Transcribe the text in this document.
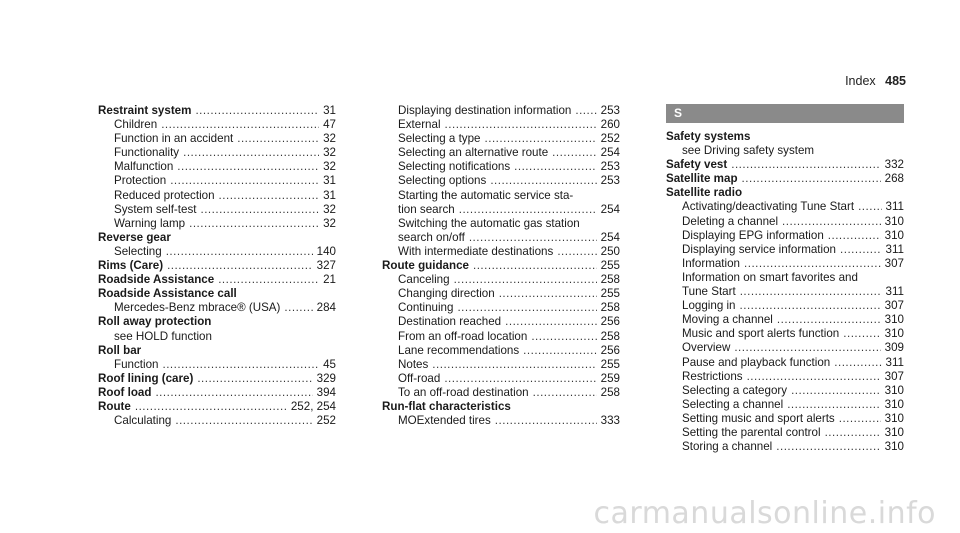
Index 485
Restraint system .....	31
Children .....	47
Function in an accident .....	32
Functionality .....	32
Malfunction .....	32
Protection .....	31
Reduced protection .....	31
System self-test .....	32
Warning lamp .....	32
Reverse gear
Selecting .....	140
Rims (Care) .....	327
Roadside Assistance .....	21
Roadside Assistance call
Mercedes-Benz mbrace® (USA) .....	284
Roll away protection
see HOLD function
Roll bar
Function .....	45
Roof lining (care) .....	329
Roof load .....	394
Route .....	252, 254
Calculating .....	252
Displaying destination information .....	253
External .....	260
Selecting a type .....	252
Selecting an alternative route .....	254
Selecting notifications .....	253
Selecting options .....	253
Starting the automatic service sta-
tion search .....	254
Switching the automatic gas station
search on/off .....	254
With intermediate destinations .....	250
Route guidance .....	255
Canceling .....	258
Changing direction .....	255
Continuing .....	258
Destination reached .....	256
From an off-road location .....	258
Lane recommendations .....	256
Notes .....	255
Off-road .....	259
To an off-road destination .....	258
Run-flat characteristics
MOExtended tires .....	333
S
Safety systems
see Driving safety system
Safety vest .....	332
Satellite map .....	268
Satellite radio
Activating/deactivating Tune Start .....	311
Deleting a channel .....	310
Displaying EPG information .....	310
Displaying service information .....	311
Information .....	307
Information on smart favorites and
Tune Start .....	311
Logging in .....	307
Moving a channel .....	310
Music and sport alerts function .....	310
Overview .....	309
Pause and playback function .....	311
Restrictions .....	307
Selecting a category .....	310
Selecting a channel .....	310
Setting music and sport alerts .....	310
Setting the parental control .....	310
Storing a channel .....	310
carmanualsonline.info
